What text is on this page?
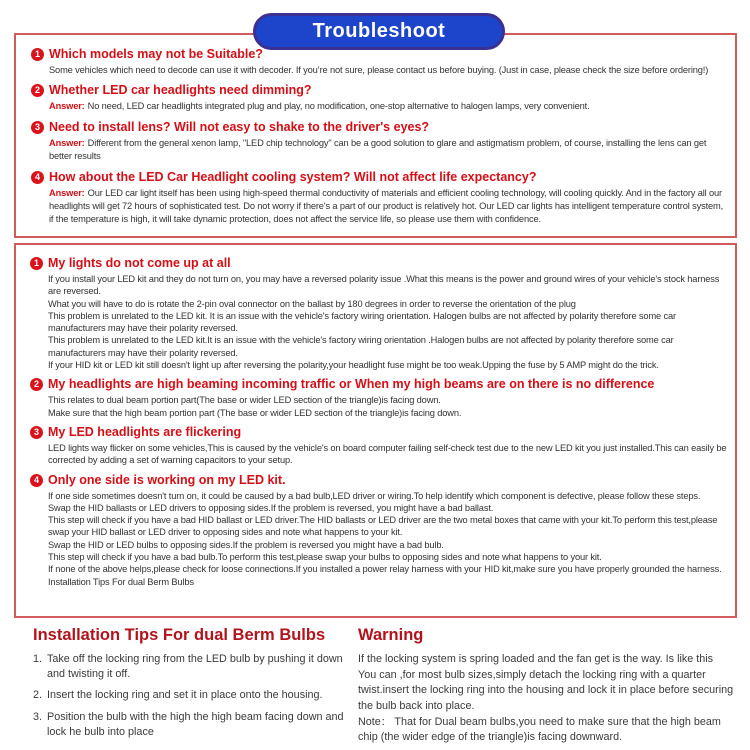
Troubleshoot
1 Which models may not be Suitable?
Some vehicles which need to decode can use it with decoder. If you’re not sure, please contact us before buying. (Just in case, please check the size before ordering!)
2 Whether LED car headlights need dimming?
Answer: No need, LED car headlights integrated plug and play, no modification, one-stop alternative to halogen lamps, very convenient.
3 Need to install lens? Will not easy to shake to the driver's eyes?
Answer: Different from the general xenon lamp, "LED chip technology" can be a good solution to glare and astigmatism problem, of course, installing the lens can get better results
4 How about the LED Car Headlight cooling system? Will not affect life expectancy?
Answer: Our LED car light itself has been using high-speed thermal conductivity of materials and efficient cooling technology, will cooling quickly. And in the factory all our headlights will get 72 hours of sophisticated test. Do not worry if there's a part of our product is relatively hot. Our LED car lights has intelligent temperature control system, if the temperature is high, it will take dynamic protection, does not affect the service life, so please use them with confidence.
1 My lights do not come up at all
If you install your LED kit and they do not turn on, you may have a reversed polarity issue .What this means is the power and ground wires of your vehicle's stock harness are reversed.
What you will have to do is rotate the 2-pin oval connector on the ballast by 180 degrees in order to reverse the orientation of the plug
This problem is unrelated to the LED kit. It is an issue with the vehicle's factory wiring orientation. Halogen bulbs are not affected by polarity therefore some car manufacturers may have their polarity reversed.
This problem is unrelated to the LED kit.It is an issue with the vehicle's factory wiring orientation .Halogen bulbs are not affected by polarity therefore some car manufacturers may have their polarity reversed.
If your HID kit or LED kit still doesn't light up after reversing the polarity,your headlight fuse might be too weak.Upping the fuse by 5 AMP might do the trick.
2 My headlights are high beaming incoming traffic or When my high beams are on there is no difference
This relates to dual beam portion part(The base or wider LED section of the triangle)is facing down.
Make sure that the high beam portion part (The base or wider LED section of the triangle)is facing down.
3 My LED headlights are flickering
LED lights way flicker on some vehicles,This is caused by the vehicle's on board computer failing self-check test due to the new LED kit you just installed.This can easily be corrected by adding a set of warning capacitors to your setup.
4 Only one side is working on my LED kit.
If one side sometimes doesn't turn on, it could be caused by a bad bulb,LED driver or wiring.To help identify which component is defective, please follow these steps.
Swap the HID ballasts or LED drivers to opposing sides.If the problem is reversed, you might have a bad ballast.
This step will check if you have a bad HID ballast or LED driver.The HID ballasts or LED driver are the two metal boxes that came with your kit.To perform this test,please swap your HID ballast or LED driver to opposing sides and note what happens to your kit.
Swap the HID or LED bulbs to opposing sides.If the problem is reversed you might have a bad bulb.
This step will check if you have a bad bulb.To perform this test,please swap your bulbs to opposing sides and note what happens to your kit.
If none of the above helps,please check for loose connections.If you installed a power relay harness with your HID kit,make sure you have properly grounded the harness.
Installation Tips For dual Berm Bulbs
Installation Tips For dual Berm Bulbs
1. Take off the locking ring from the LED bulb by pushing it down and twisting it off.
2. Insert the locking ring and set it in place onto the housing.
3. Position the bulb with the high the high beam facing down and lock he bulb into place
Warning

If the locking system is spring loaded and the fan get is the way. Is like this

You can ,for most bulb sizes,simply detach the locking ring with a quarter twist.insert the locking ring into the housing and lock it in place before securing the bulb back into place.

Note： That for Dual beam bulbs,you need to make sure that the high beam chip (the wider edge of the triangle)is facing downward.
